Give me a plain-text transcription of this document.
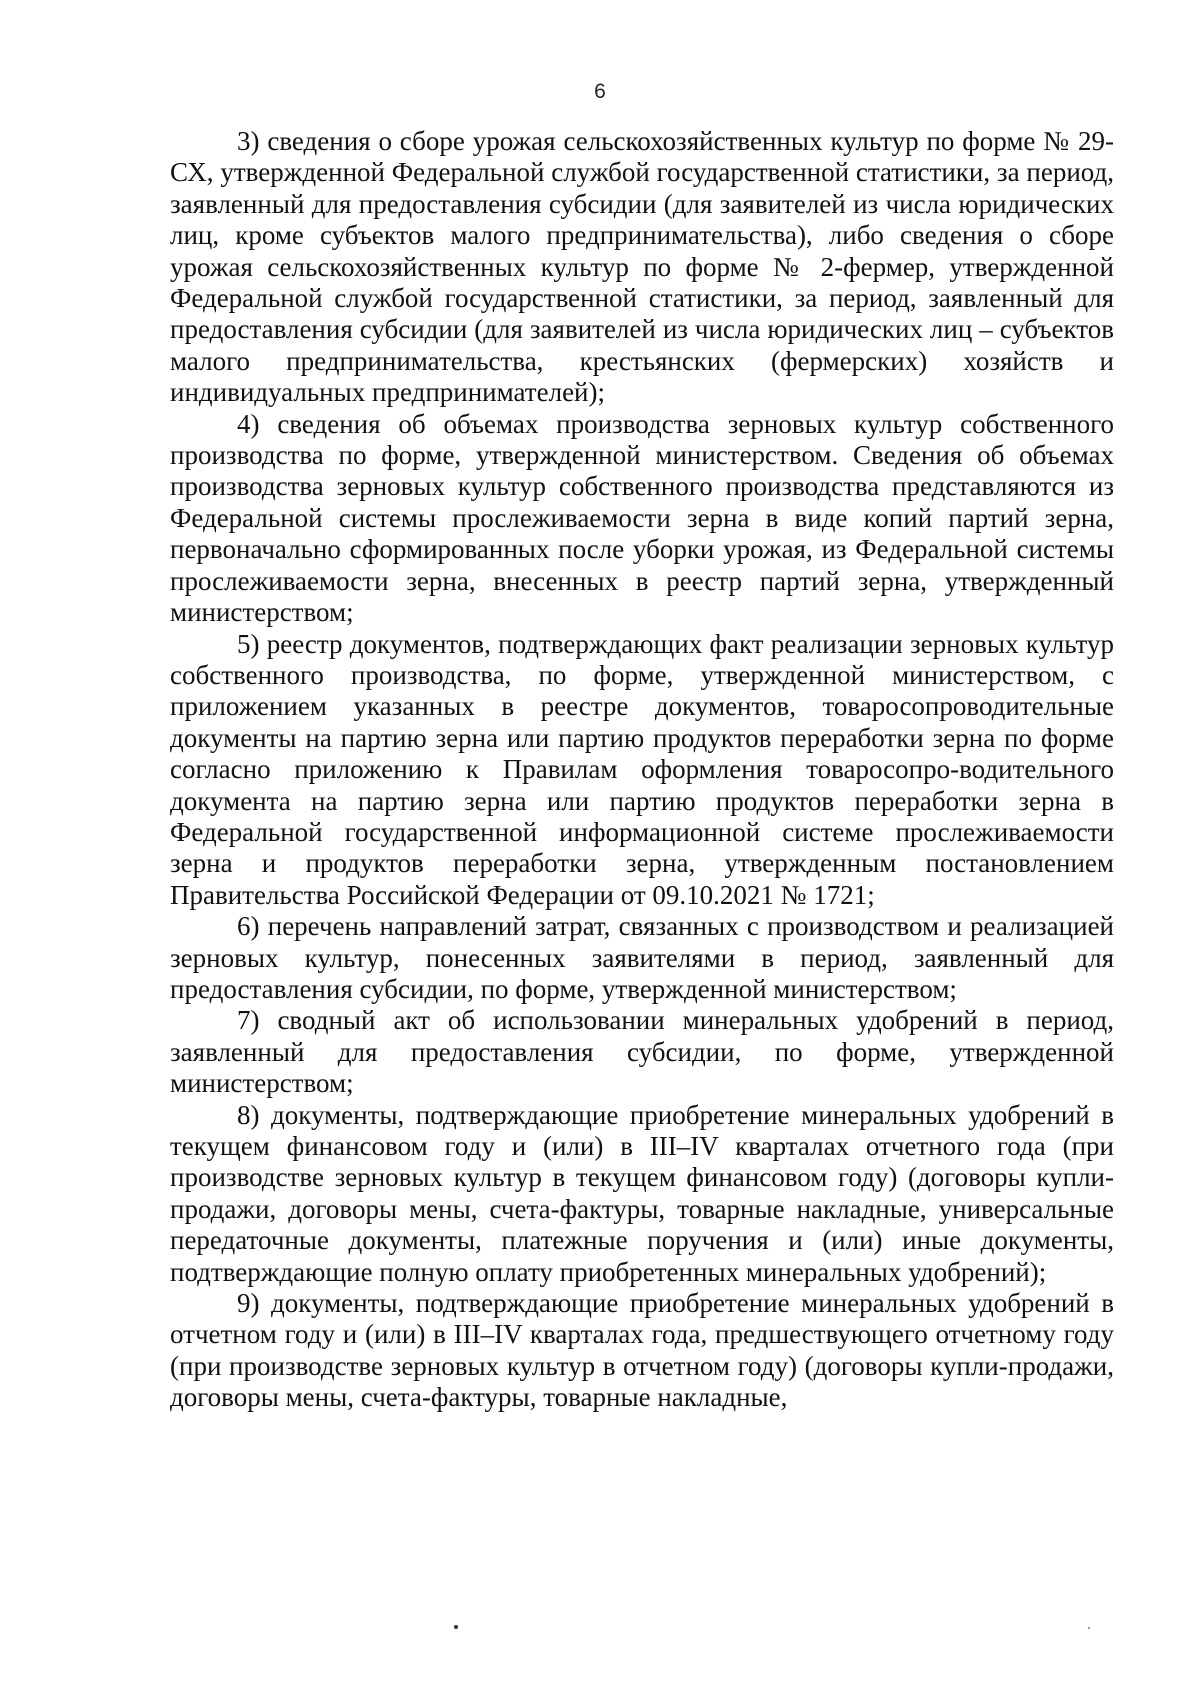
6

3) сведения о сборе урожая сельскохозяйственных культур по форме № 29-СХ, утвержденной Федеральной службой государственной статистики, за период, заявленный для предоставления субсидии (для заявителей из числа юридических лиц, кроме субъектов малого предпринимательства), либо сведения о сборе урожая сельскохозяйственных культур по форме № 2-фермер, утвержденной Федеральной службой государственной статистики, за период, заявленный для предоставления субсидии (для заявителей из числа юридических лиц – субъектов малого предпринимательства, крестьянских (фермерских) хозяйств и индивидуальных предпринимателей);

4) сведения об объемах производства зерновых культур собственного производства по форме, утвержденной министерством. Сведения об объемах производства зерновых культур собственного производства представляются из Федеральной системы прослеживаемости зерна в виде копий партий зерна, первоначально сформированных после уборки урожая, из Федеральной системы прослеживаемости зерна, внесенных в реестр партий зерна, утвержденный министерством;

5) реестр документов, подтверждающих факт реализации зерновых культур собственного производства, по форме, утвержденной министерством, с приложением указанных в реестре документов, товаросопроводительные документы на партию зерна или партию продуктов переработки зерна по форме согласно приложению к Правилам оформления товаросопро-водительного документа на партию зерна или партию продуктов переработки зерна в Федеральной государственной информационной системе прослеживаемости зерна и продуктов переработки зерна, утвержденным постановлением Правительства Российской Федерации от 09.10.2021 № 1721;

6) перечень направлений затрат, связанных с производством и реализацией зерновых культур, понесенных заявителями в период, заявленный для предоставления субсидии, по форме, утвержденной министерством;

7) сводный акт об использовании минеральных удобрений в период, заявленный для предоставления субсидии, по форме, утвержденной министерством;

8) документы, подтверждающие приобретение минеральных удобрений в текущем финансовом году и (или) в III–IV кварталах отчетного года (при производстве зерновых культур в текущем финансовом году) (договоры купли-продажи, договоры мены, счета-фактуры, товарные накладные, универсальные передаточные документы, платежные поручения и (или) иные документы, подтверждающие полную оплату приобретенных минеральных удобрений);

9) документы, подтверждающие приобретение минеральных удобрений в отчетном году и (или) в III–IV кварталах года, предшествующего отчетному году (при производстве зерновых культур в отчетном году) (договоры купли-продажи, договоры мены, счета-фактуры, товарные накладные,
